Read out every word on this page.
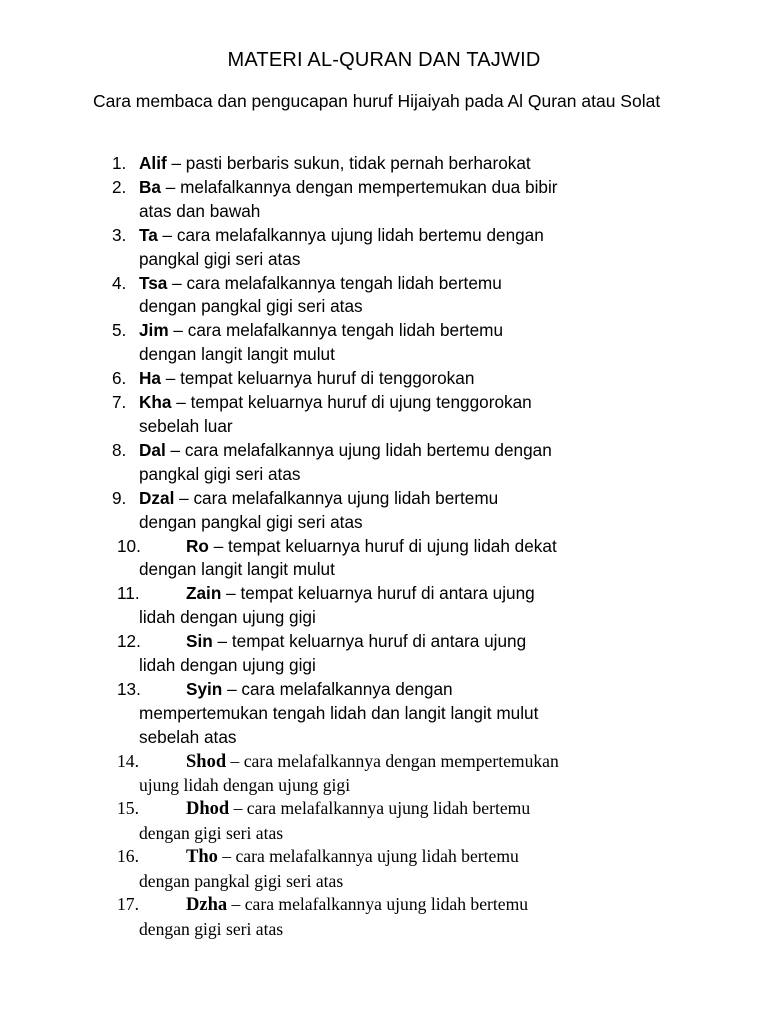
MATERI AL-QURAN DAN TAJWID
Cara membaca dan pengucapan huruf Hijaiyah pada Al Quran atau Solat
1. Alif – pasti berbaris sukun, tidak pernah berharokat
2. Ba – melafalkannya dengan mempertemukan dua bibir atas dan bawah
3. Ta – cara melafalkannya ujung lidah bertemu dengan pangkal gigi seri atas
4. Tsa – cara melafalkannya tengah lidah bertemu dengan pangkal gigi seri atas
5. Jim – cara melafalkannya tengah lidah bertemu dengan langit langit mulut
6. Ha – tempat keluarnya huruf di tenggorokan
7. Kha – tempat keluarnya huruf di ujung tenggorokan sebelah luar
8. Dal – cara melafalkannya ujung lidah bertemu dengan pangkal gigi seri atas
9. Dzal – cara melafalkannya ujung lidah bertemu dengan pangkal gigi seri atas
10.	Ro – tempat keluarnya huruf di ujung lidah dekat dengan langit langit mulut
11.	Zain – tempat keluarnya huruf di antara ujung lidah dengan ujung gigi
12.	Sin – tempat keluarnya huruf di antara ujung lidah dengan ujung gigi
13.	Syin – cara melafalkannya dengan mempertemukan tengah lidah dan langit langit mulut sebelah atas
14.	Shod – cara melafalkannya dengan mempertemukan ujung lidah dengan ujung gigi
15.	Dhod – cara melafalkannya ujung lidah bertemu dengan gigi seri atas
16.	Tho – cara melafalkannya ujung lidah bertemu dengan pangkal gigi seri atas
17.	Dzha – cara melafalkannya ujung lidah bertemu dengan gigi seri atas
